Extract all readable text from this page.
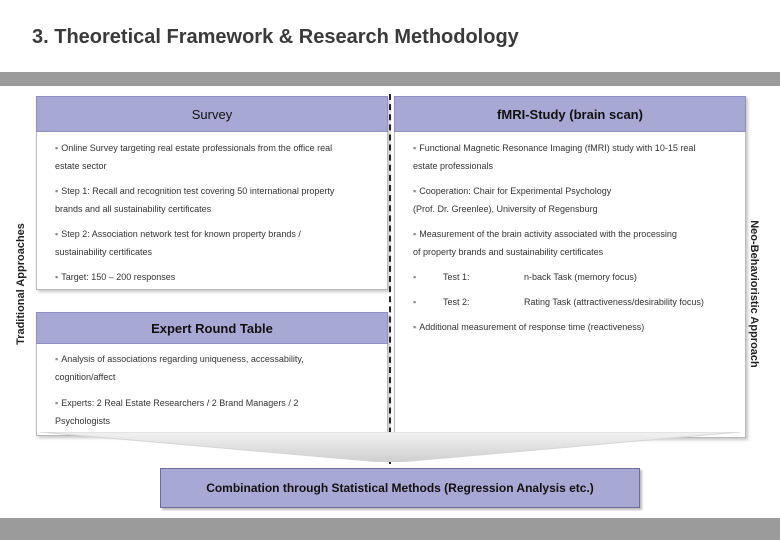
3. Theoretical Framework & Research Methodology
Traditional Approaches	Neo-Behavioristic Approach
Survey	fMRI-Study (brain scan)
Expert Round Table
▪ Online Survey targeting real estate professionals from the office real
estate sector
▪ Step 1: Recall and recognition test covering 50 international property
brands and all sustainability certificates
▪ Step 2: Association network test for known property brands /
sustainability certificates
▪ Target: 150 – 200 responses
▪ Functional Magnetic Resonance Imaging (fMRI) study with 10-15 real
estate professionals
▪ Cooperation: Chair for Experimental Psychology
(Prof. Dr. Greenlee), University of Regensburg
▪ Measurement of the brain activity associated with the processing
of property brands and sustainability certificates
▪	Test 1:	n-back Task (memory focus)
▪	Test 2:	Rating Task (attractiveness/desirability focus)
▪ Additional measurement of response time (reactiveness)
▪ Analysis of associations regarding uniqueness, accessability,
cognition/affect
▪ Experts: 2 Real Estate Researchers / 2 Brand Managers / 2
Psychologists
Combination through Statistical Methods (Regression Analysis etc.)
